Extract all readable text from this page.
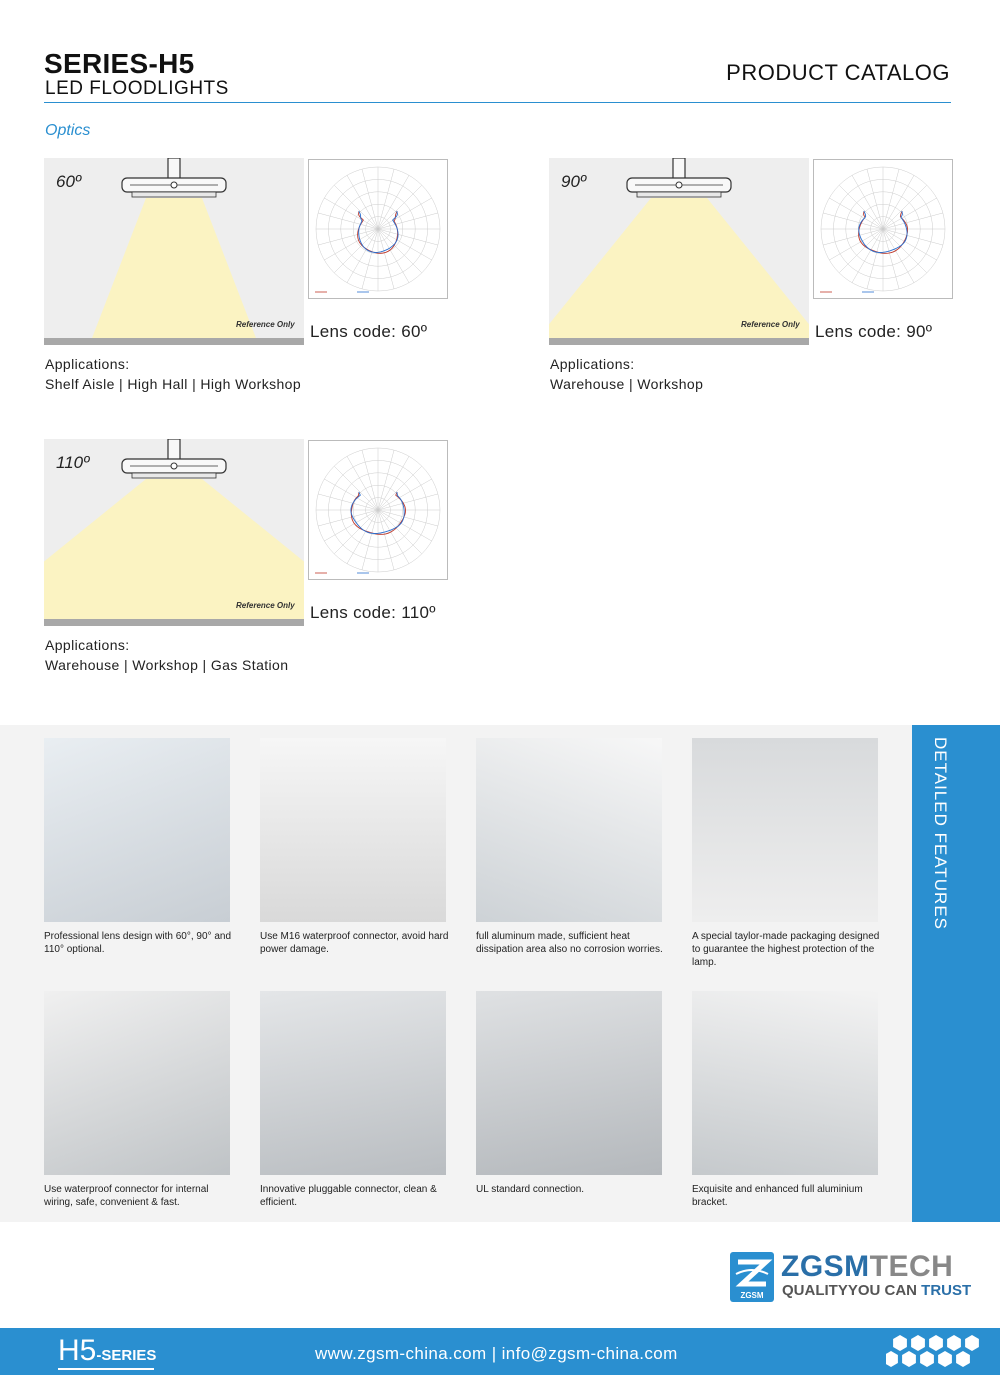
SERIES-H5
LED FLOODLIGHTS
PRODUCT CATALOG
Optics
60º
Reference Only Lens code: 60º
Applications:
Shelf Aisle | High Hall | High Workshop
90º
Reference Only Lens code: 90º
Applications:
Warehouse | Workshop
110º
Reference Only Lens code: 110º
Applications:
Warehouse | Workshop | Gas Station
DETAILED FEATURES
Professional lens design with 60°, 90° and 110° optional.
Use M16 waterproof connector, avoid hard power damage.
full aluminum made, sufficient heat dissipation area also no corrosion worries.
A special taylor-made packaging designed to guarantee the highest protection of the lamp.
Use waterproof connector for internal wiring, safe, convenient & fast.
Innovative pluggable connector, clean & efficient.
UL standard connection.	Exquisite and enhanced full aluminium bracket.
ZGSM
ZGSMTECH
QUALITYYOU CAN TRUST
H5-SERIES	www.zgsm-china.com | info@zgsm-china.com
